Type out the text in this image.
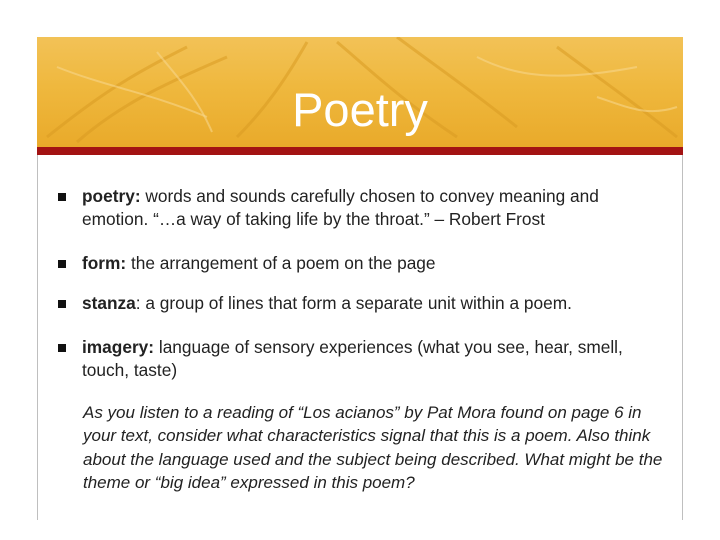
Poetry
poetry: words and sounds carefully chosen to convey meaning and emotion. “…a way of taking life by the throat.” – Robert Frost
form: the arrangement of a poem on the page
stanza: a group of lines that form a separate unit within a poem.
imagery: language of sensory experiences (what you see, hear, smell, touch, taste)
As you listen to a reading of “Los acianos” by Pat Mora found on page 6 in your text, consider what characteristics signal that this is a poem. Also think about the language used and the subject being described. What might be the theme or “big idea” expressed in this poem?
